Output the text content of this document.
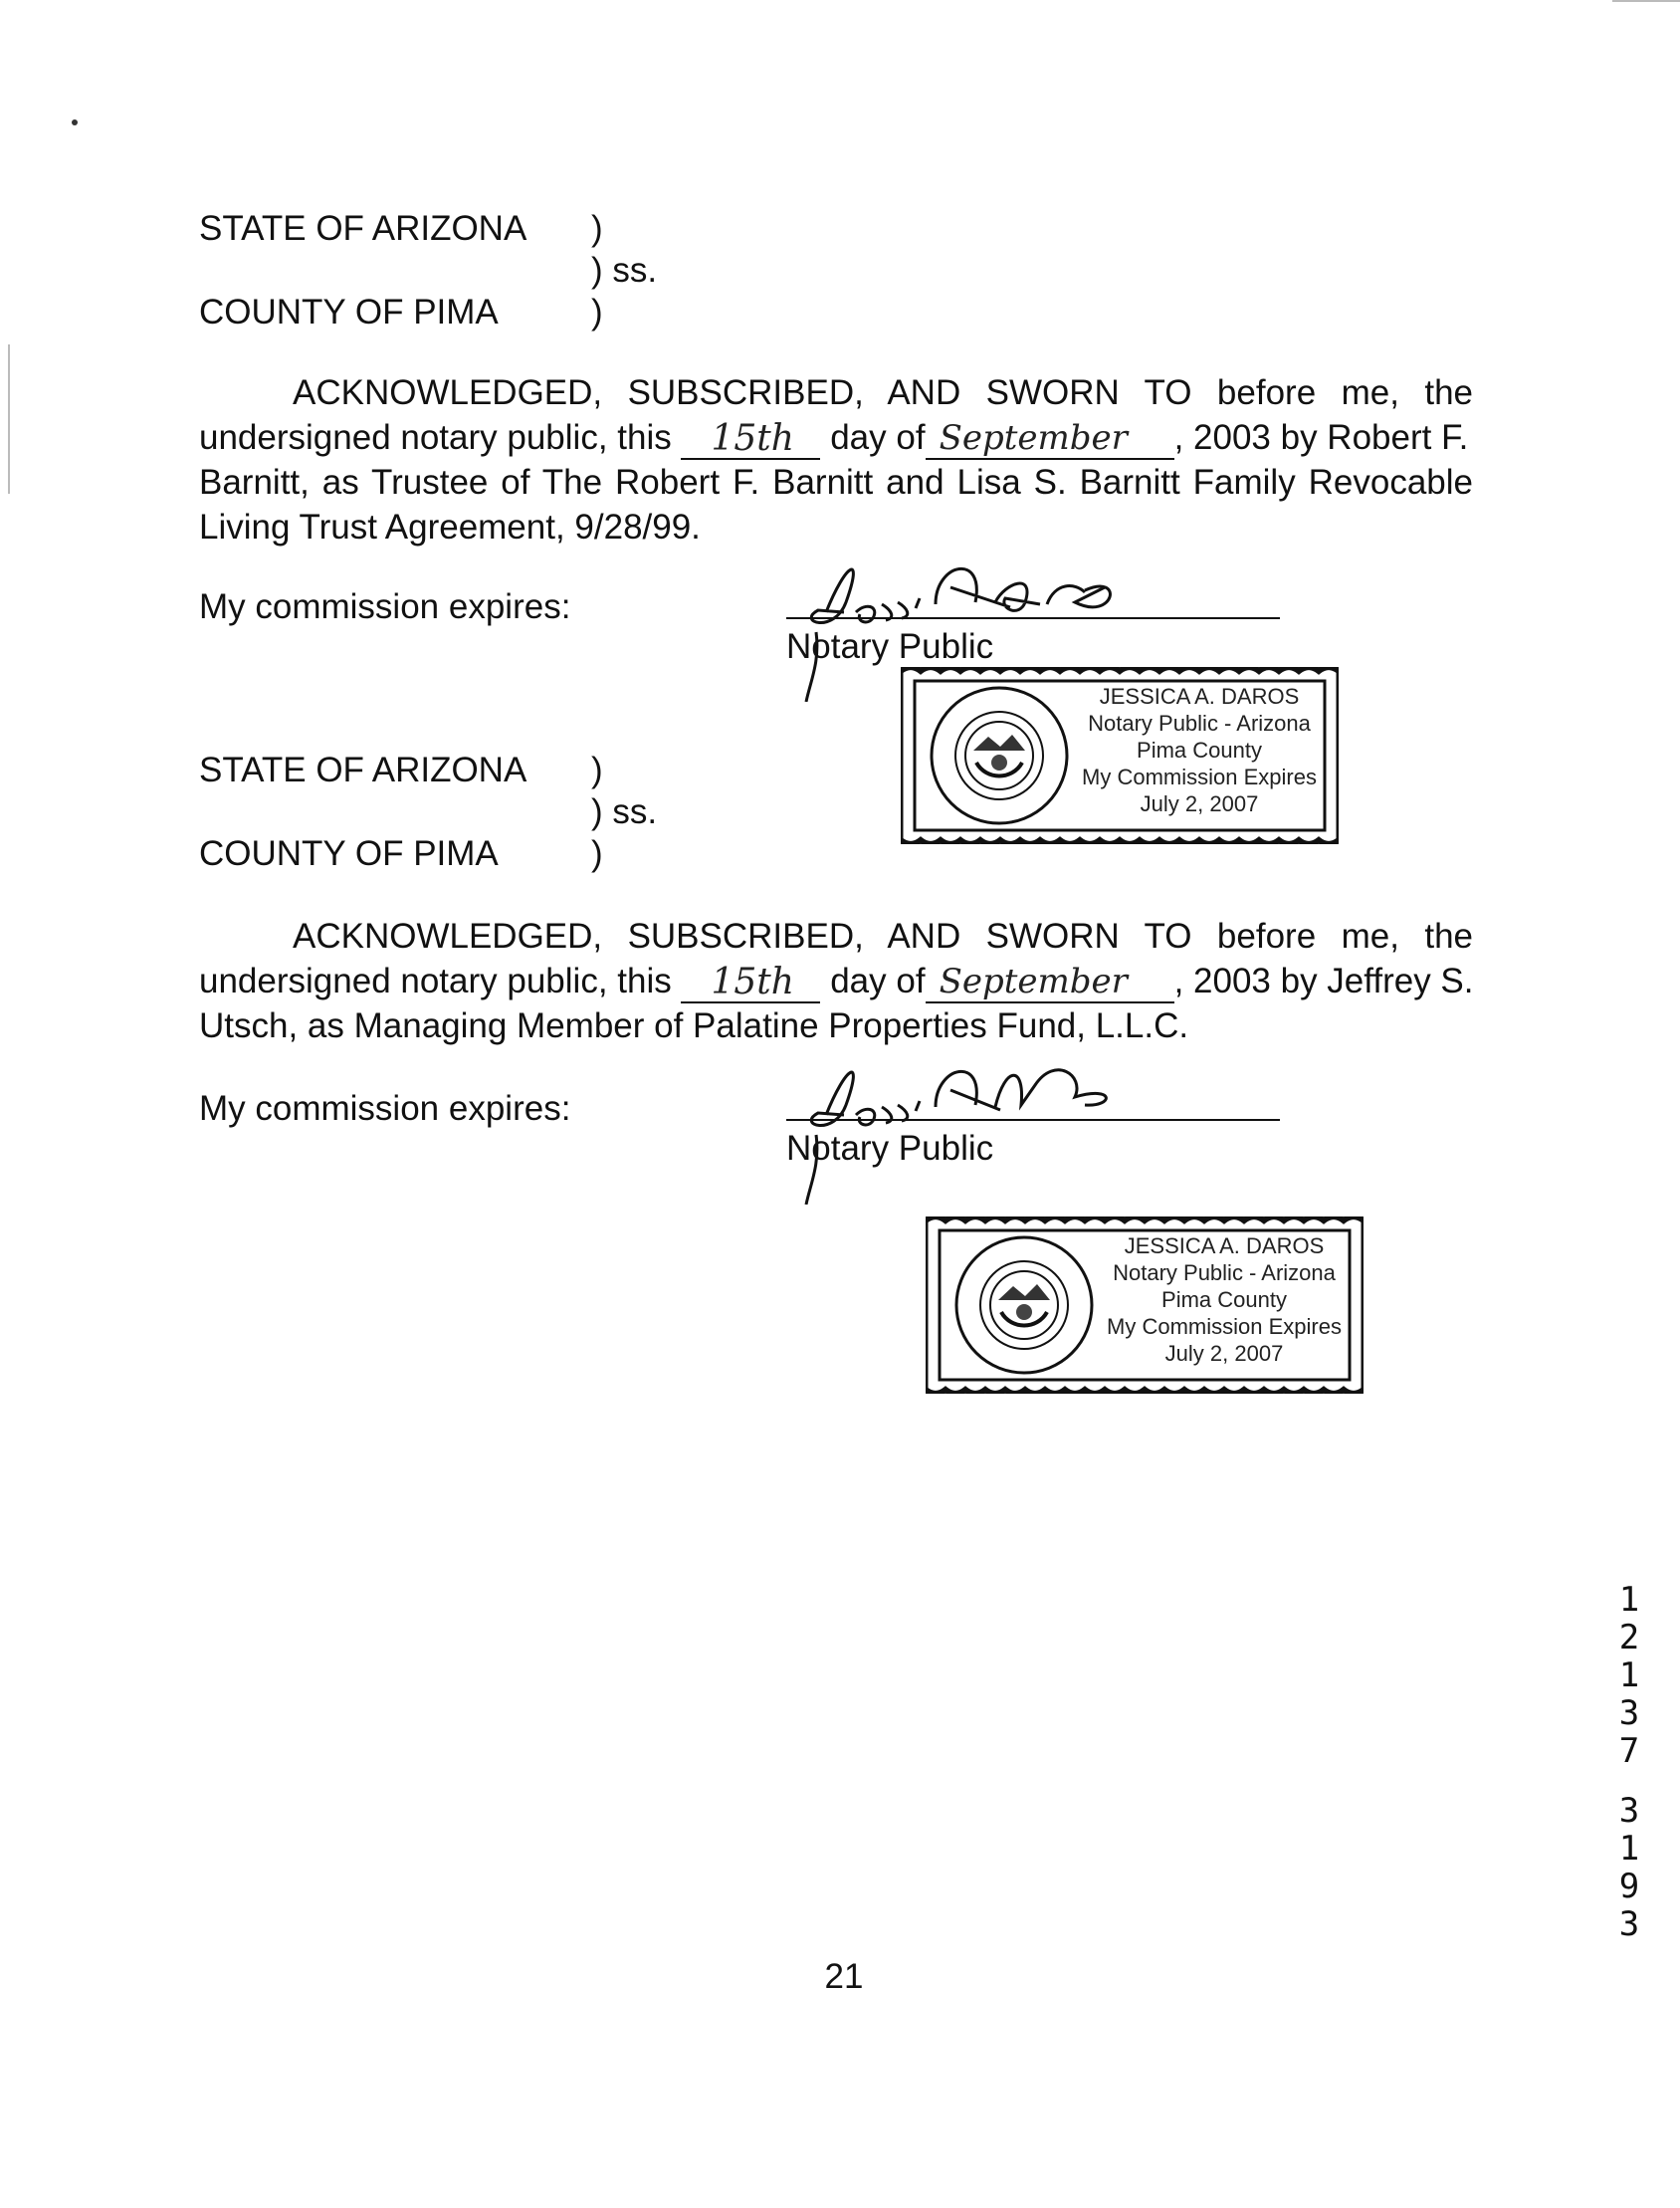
STATE OF ARIZONA )
) ss.
COUNTY OF PIMA	)
ACKNOWLEDGED, SUBSCRIBED, AND SWORN TO before me, the
undersigned notary public, this 15th day of September , 2003 by Robert F.
Barnitt, as Trustee of The Robert F. Barnitt and Lisa S. Barnitt Family Revocable Living Trust Agreement, 9/28/99.
My commission expires:
Notary Public
JESSICA A. DAROS
Notary Public - Arizona
Pima County
My Commission Expires
July 2, 2007
STATE OF ARIZONA )
) ss.
COUNTY OF PIMA	)
ACKNOWLEDGED, SUBSCRIBED, AND SWORN TO before me, the
undersigned notary public, this 15th day of September , 2003 by Jeffrey S.
Utsch, as Managing Member of Palatine Properties Fund, L.L.C.
My commission expires:
Notary Public
JESSICA A. DAROS
Notary Public - Arizona
Pima County
My Commission Expires
July 2, 2007
21
1
2
1
3
7
3
1
9
3
